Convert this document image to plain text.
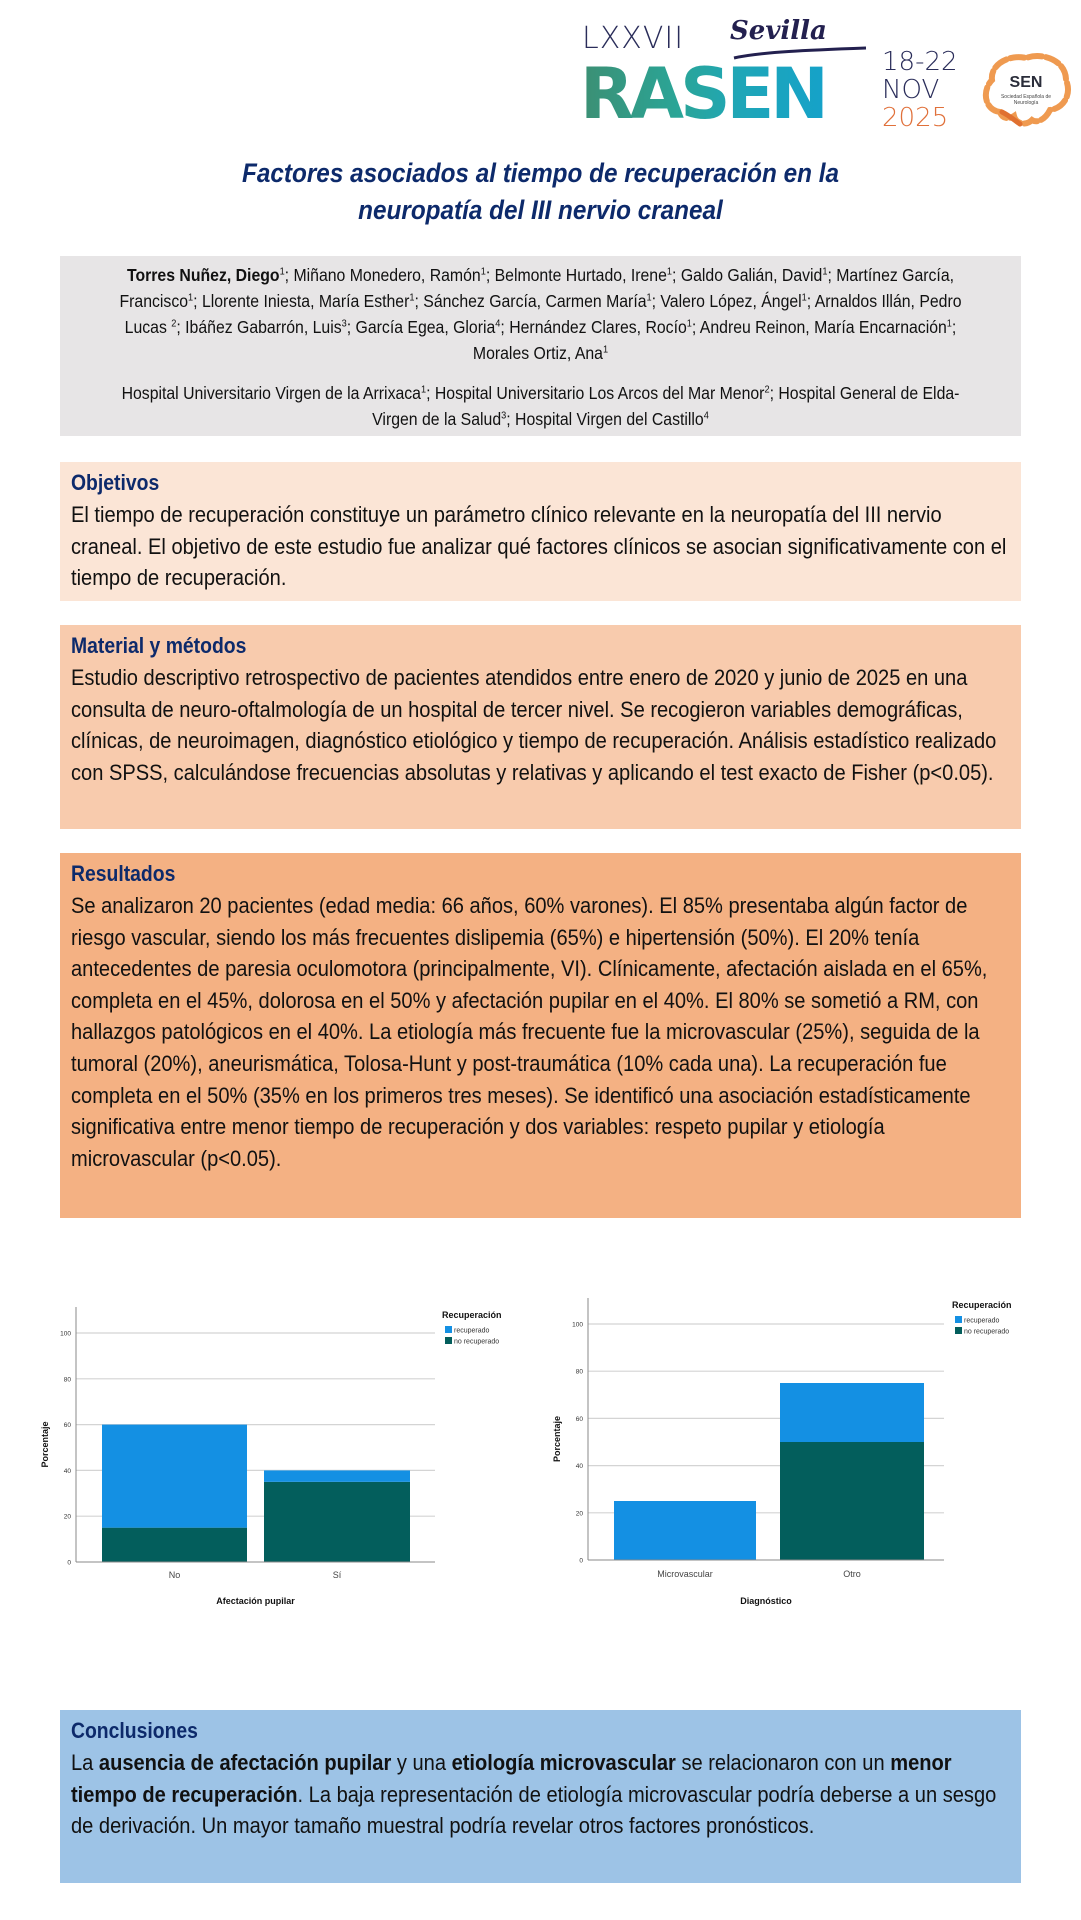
LXXVII Sevilla
RASEN 18-22
NOV
2025
SEN
Sociedad Española de Neurología
Factores asociados al tiempo de recuperación en la
neuropatía del III nervio craneal
Torres Nuñez, Diego$^1$; Miñano Monedero, Ramón$^1$; Belmonte Hurtado, Irene$^1$; Galdo Galián, David$^1$; Martínez García, Francisco$^1$; Llorente Iniesta, María Esther$^1$; Sánchez García, Carmen María$^1$; Valero López, Ángel$^1$; Arnaldos Illán, Pedro Lucas $^2$; Ibáñez Gabarrón, Luis$^3$; García Egea, Gloria$^4$; Hernández Clares, Rocío$^1$; Andreu Reinon, María Encarnación$^1$; Morales Ortiz, Ana$^1$
Hospital Universitario Virgen de la Arrixaca$^1$; Hospital Universitario Los Arcos del Mar Menor$^2$; Hospital General de Elda-Virgen de la Salud$^3$; Hospital Virgen del Castillo$^4$
Objetivos

El tiempo de recuperación constituye un parámetro clínico relevante en la neuropatía del III nervio craneal. El objetivo de este estudio fue analizar qué factores clínicos se asocian significativamente con el tiempo de recuperación.

Material y métodos

Estudio descriptivo retrospectivo de pacientes atendidos entre enero de 2020 y junio de 2025 en una consulta de neuro-oftalmología de un hospital de tercer nivel. Se recogieron variables demográficas, clínicas, de neuroimagen, diagnóstico etiológico y tiempo de recuperación. Análisis estadístico realizado con SPSS, calculándose frecuencias absolutas y relativas y aplicando el test exacto de Fisher (p<0.05).

Resultados

Se analizaron 20 pacientes (edad media: 66 años, 60% varones). El 85% presentaba algún factor de riesgo vascular, siendo los más frecuentes dislipemia (65%) e hipertensión (50%). El 20% tenía antecedentes de paresia oculomotora (principalmente, VI). Clínicamente, afectación aislada en el 65%, completa en el 45%, dolorosa en el 50% y afectación pupilar en el 40%. El 80% se sometió a RM, con hallazgos patológicos en el 40%. La etiología más frecuente fue la microvascular (25%), seguida de la tumoral (20%), aneurismática, Tolosa-Hunt y post-traumática (10% cada una). La recuperación fue completa en el 50% (35% en los primeros tres meses). Se identificó una asociación estadísticamente significativa entre menor tiempo de recuperación y dos variables: respeto pupilar y etiología microvascular (p<0.05).

0
20
40
60
80
100
No	Sí
Afectación pupilar
Porcentaje
Recuperación
recuperado
no recuperado
0
20
40
60
80
100
Microvascular	Otro
Diagnóstico
Porcentaje
Recuperación
recuperado
no recuperado
Conclusiones

La ausencia de afectación pupilar y una etiología microvascular se relacionaron con un menor tiempo de recuperación. La baja representación de etiología microvascular podría deberse a un sesgo de derivación. Un mayor tamaño muestral podría revelar otros factores pronósticos.
